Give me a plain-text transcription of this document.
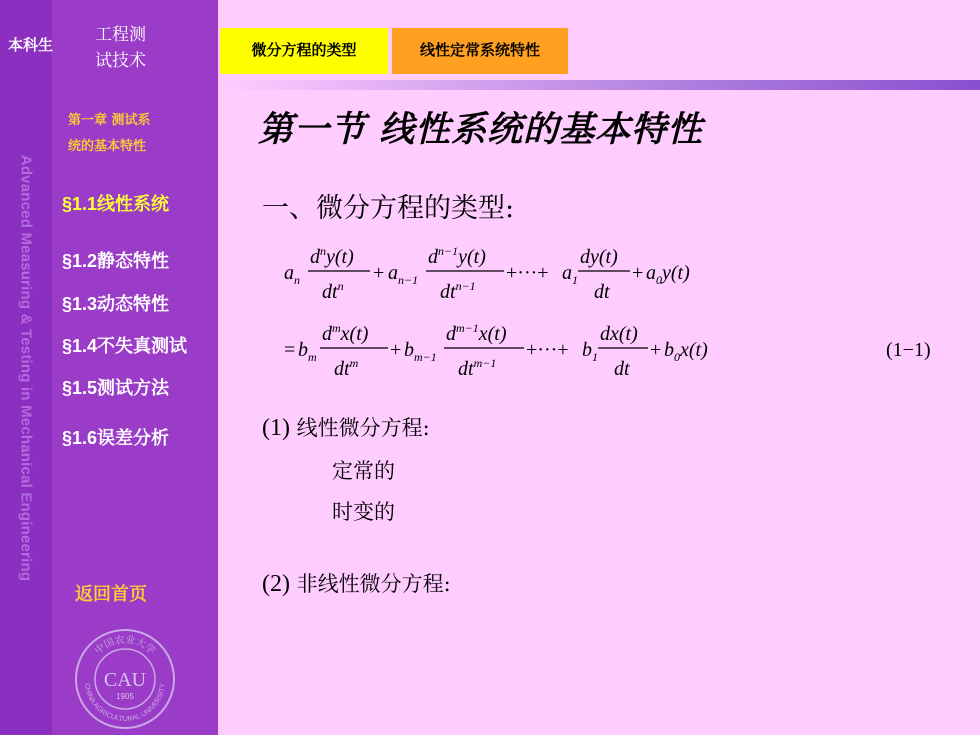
Advanced Measuring & Testing in Mechanical Engineering
本科生 工程测
试技术
第一章 测试系
统的基本特性
§1.1线性系统
§1.2静态特性
§1.3动态特性
§1.4不失真测试
§1.5测试方法
§1.6误差分析
返回首页
中国农业大学
CHINA AGRICULTURAL UNIVERSITY
CAU
1905
微分方程的类型	线性定常系统特性
第一节 线性系统的基本特性
一、微分方程的类型:
$a_n$
$d^ny(t)$
$dt^n$
+ $a_{n-1}$
$d^{n-1}y(t)$
$dt^{n-1}$
+···+ $a_1$
dy(t)
dt
+ $a_0y(t)$
= $b_m$
$d^mx(t)$
$dt^m$
+ $b_{m-1}$
$d^{m-1}x(t)$
$dt^{m-1}$
+···+ $b_1$
dx(t)
dt
+ $b_0x(t)$	(1−1)
(1) 线性微分方程:
定常的
时变的
(2) 非线性微分方程:
